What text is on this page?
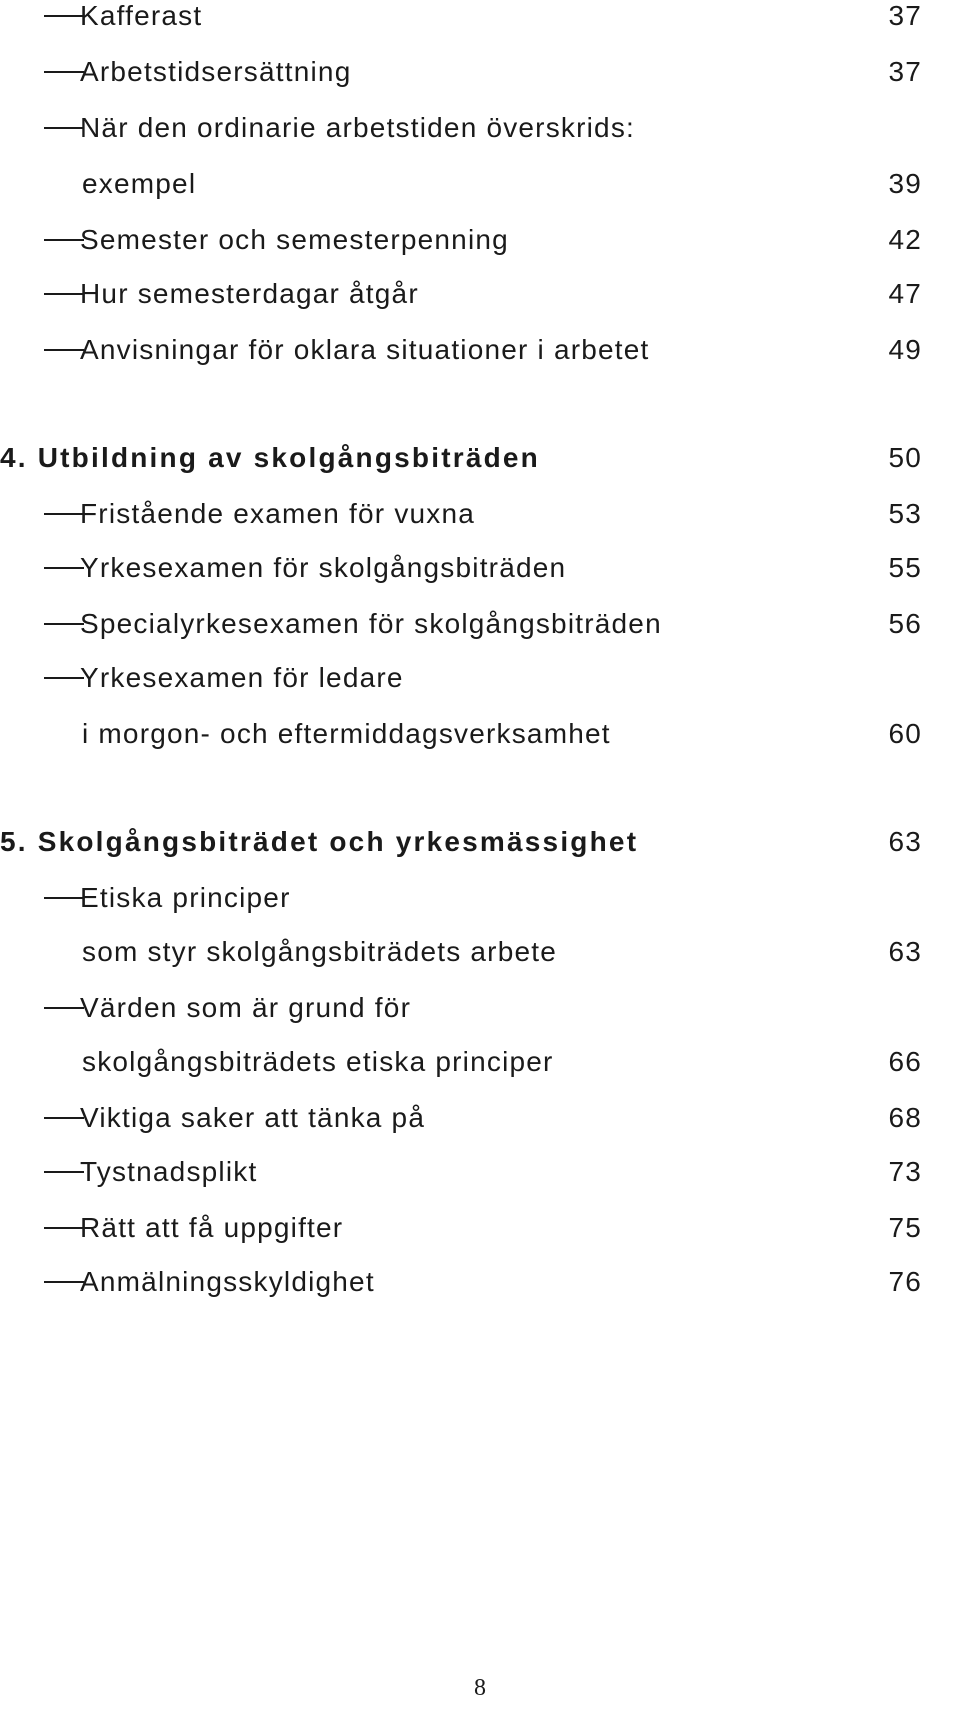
Kafferast	37
Arbetstidsersättning	37
När den ordinarie arbetstiden överskrids:
exempel	39
Semester och semesterpenning	42
Hur semesterdagar åtgår	47
Anvisningar för oklara situationer i arbetet	49
4. Utbildning av skolgångsbiträden	50
Fristående examen för vuxna	53
Yrkesexamen för skolgångsbiträden	55
Specialyrkesexamen för skolgångsbiträden	56
Yrkesexamen för ledare
i morgon- och eftermiddagsverksamhet	60
5. Skolgångsbiträdet och yrkesmässighet	63
Etiska principer
som styr skolgångsbiträdets arbete	63
Värden som är grund för
skolgångsbiträdets etiska principer	66
Viktiga saker att tänka på	68
Tystnadsplikt	73
Rätt att få uppgifter	75
Anmälningsskyldighet	76
8
